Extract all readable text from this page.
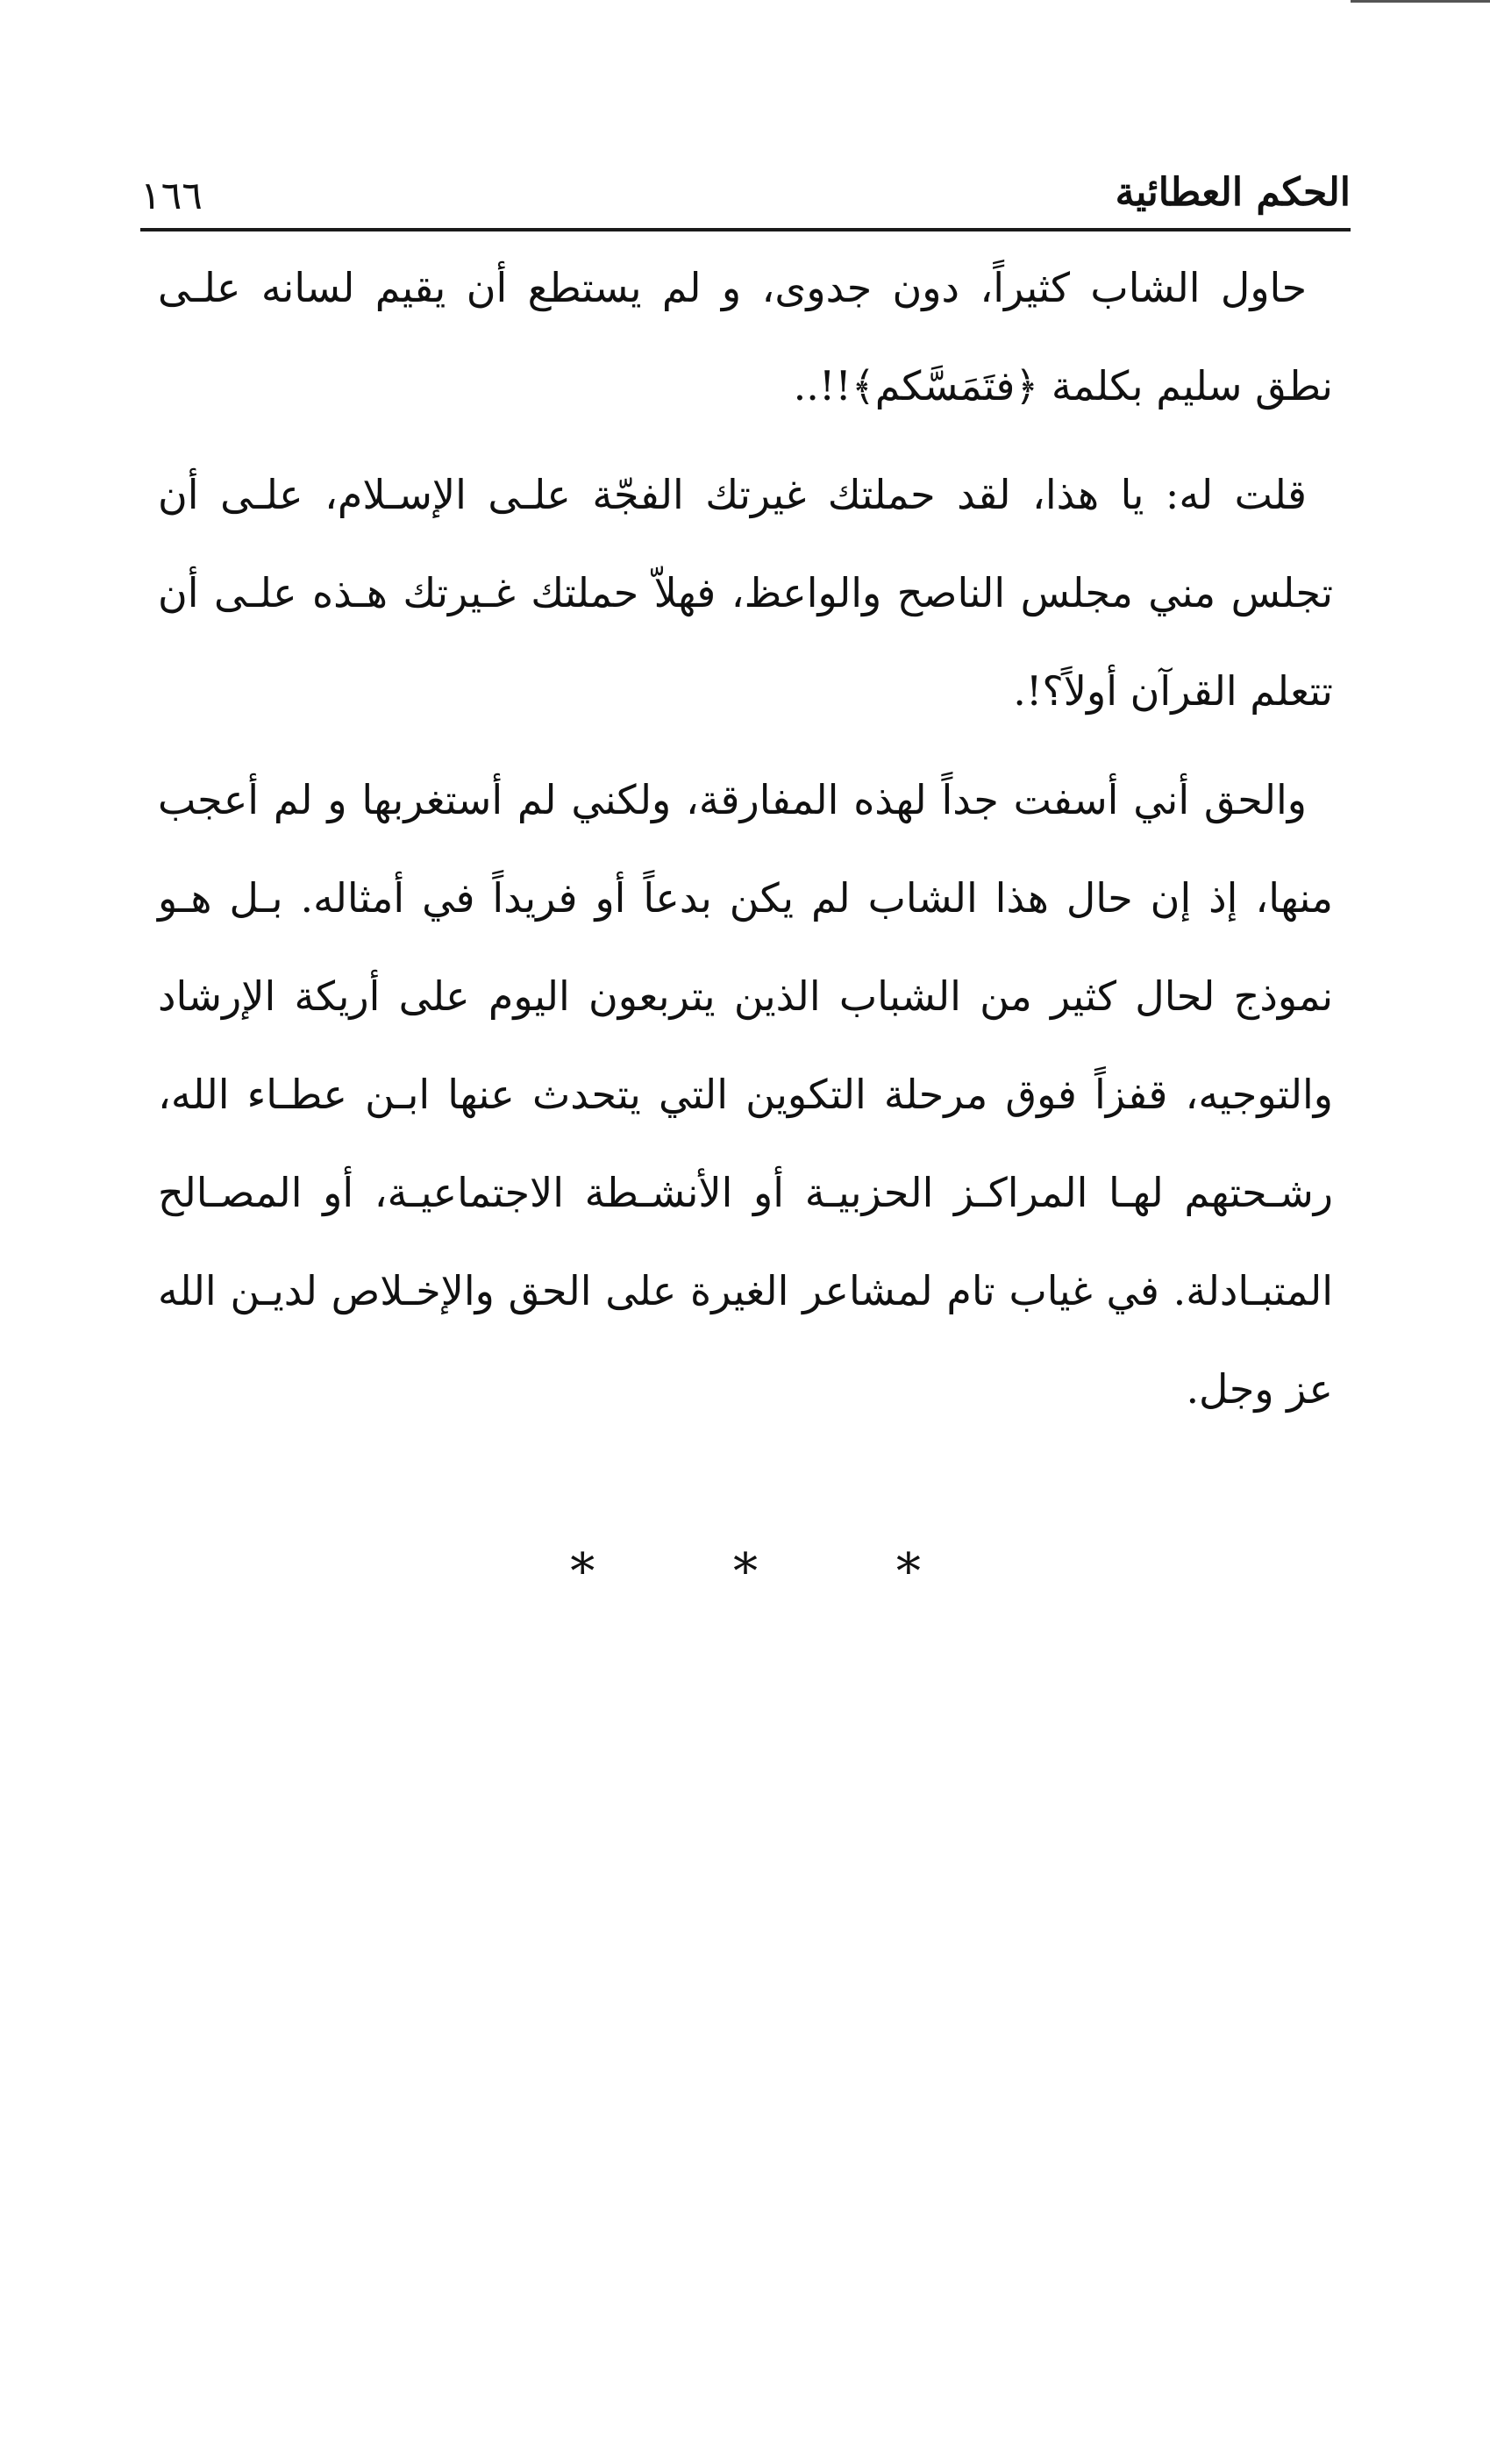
الحكم العطائية
١٦٦

حاول الشاب كثيراً، دون جدوى، و لم يستطع أن يقيم لسانه علـى نطق سليم بكلمة ﴿فتَمَسَّكم﴾!!..

قلت له: يا هذا، لقد حملتك غيرتك الفجّة علـى الإسـلام، علـى أن تجلس مني مجلس الناصح والواعظ، فهلاّ حملتك غـيرتك هـذه علـى أن تتعلم القرآن أولاً؟!.

والحق أني أسفت جداً لهذه المفارقة، ولكني لم أستغربها و لم أعجب منها، إذ إن حال هذا الشاب لم يكن بدعاً أو فريداً في أمثاله. بـل هـو نموذج لحال كثير من الشباب الذين يتربعون اليوم على أريكة الإرشاد والتوجيه، قفزاً فوق مرحلة التكوين التي يتحدث عنها ابـن عطـاء الله، رشـحتهم لهـا المراكـز الحزبيـة أو الأنشـطة الاجتماعيـة، أو المصـالح المتبـادلة. في غياب تام لمشاعر الغيرة على الحق والإخـلاص لديـن الله عز وجل.

*	*	*
